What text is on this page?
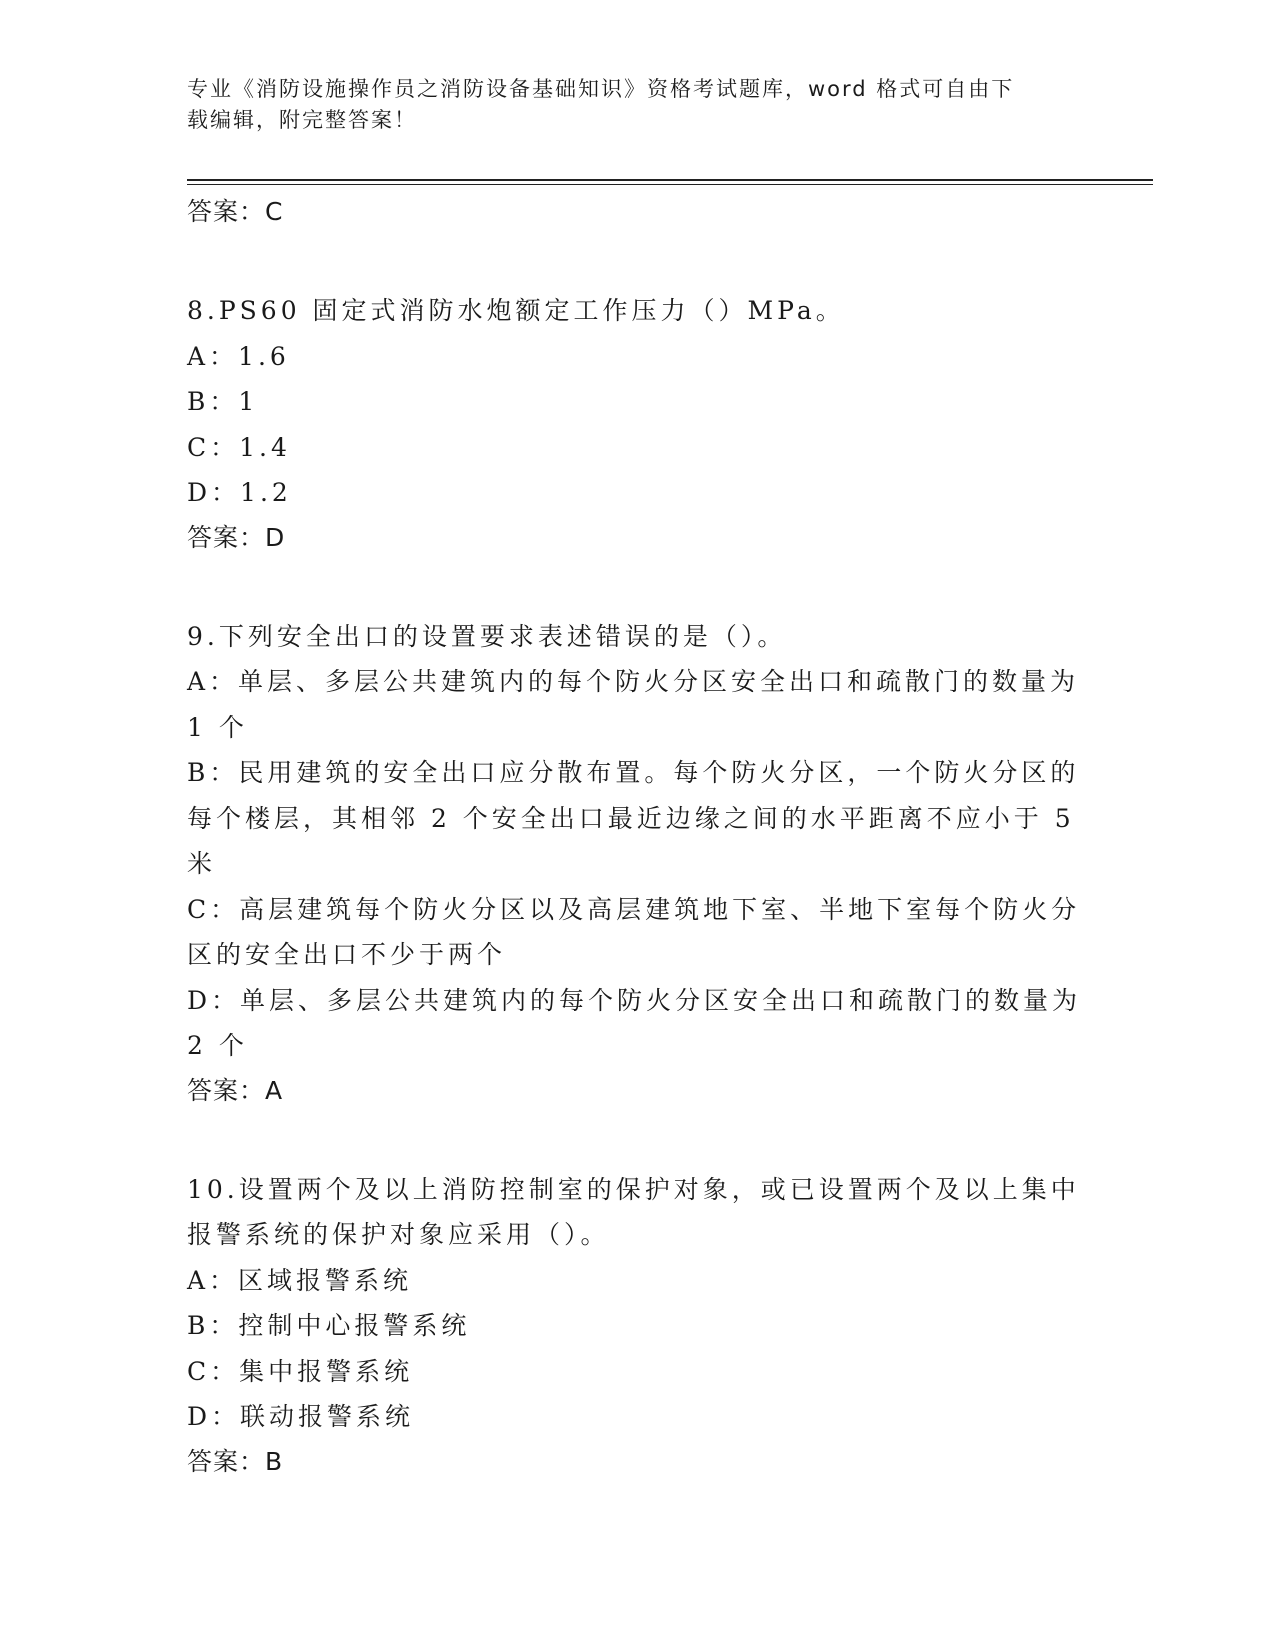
专业《消防设施操作员之消防设备基础知识》资格考试题库，word 格式可自由下
载编辑，附完整答案！

答案：C

8.PS60 固定式消防水炮额定工作压力（）MPa。

A：1.6

B：1

C：1.4

D：1.2

答案：D

9.下列安全出口的设置要求表述错误的是（）。

A：单层、多层公共建筑内的每个防火分区安全出口和疏散门的数量为

1 个

B：民用建筑的安全出口应分散布置。每个防火分区，一个防火分区的

每个楼层，其相邻 2 个安全出口最近边缘之间的水平距离不应小于 5

米

C：高层建筑每个防火分区以及高层建筑地下室、半地下室每个防火分

区的安全出口不少于两个

D：单层、多层公共建筑内的每个防火分区安全出口和疏散门的数量为

2 个

答案：A

10.设置两个及以上消防控制室的保护对象，或已设置两个及以上集中

报警系统的保护对象应采用（）。

A：区域报警系统

B：控制中心报警系统

C：集中报警系统

D：联动报警系统

答案：B
